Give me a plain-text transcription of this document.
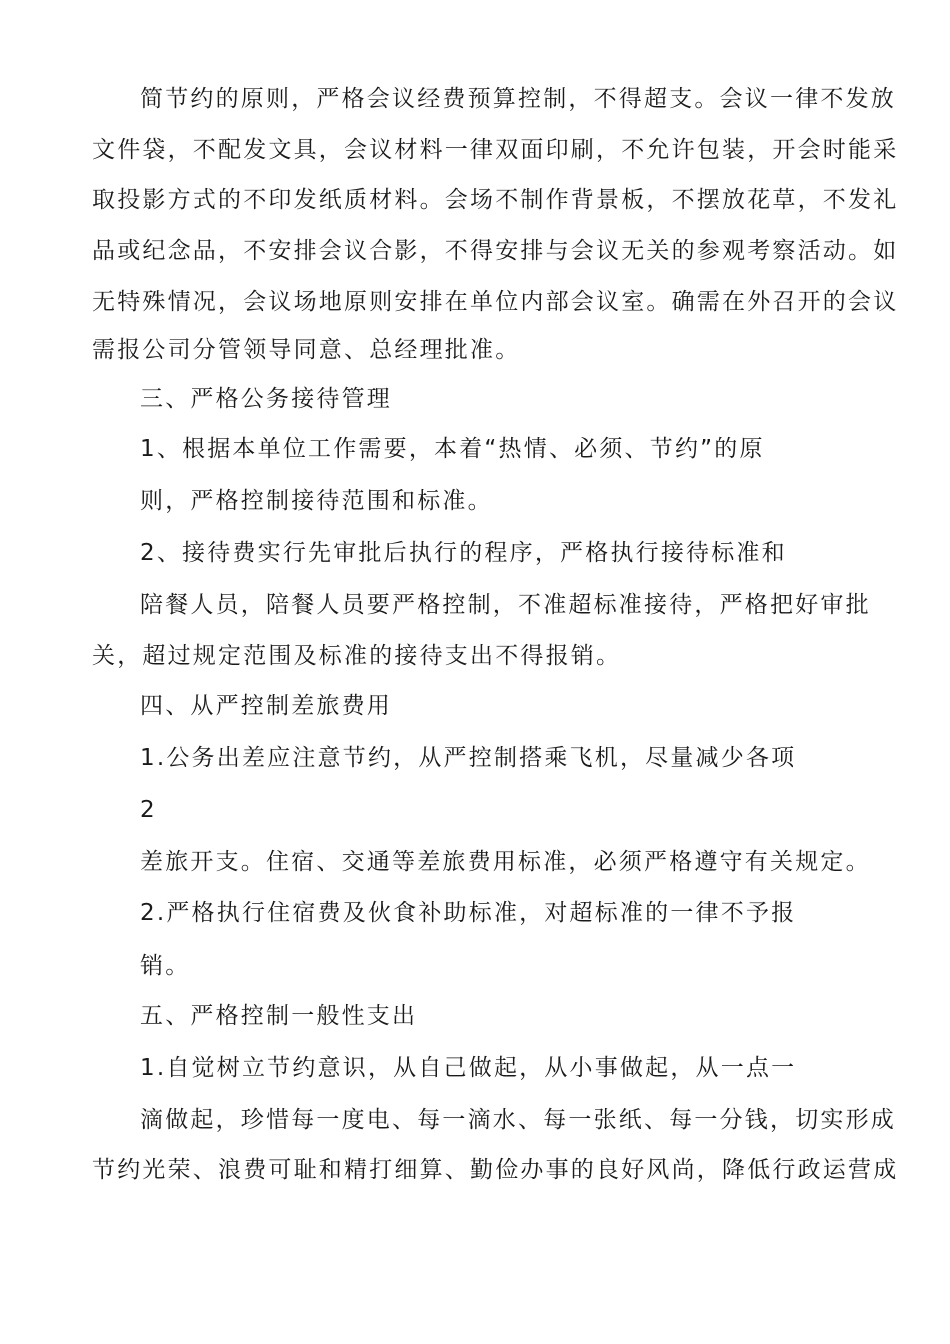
简节约的原则，严格会议经费预算控制，不得超支。会议一律不发放
文件袋，不配发文具，会议材料一律双面印刷，不允许包装，开会时能采
取投影方式的不印发纸质材料。会场不制作背景板，不摆放花草，不发礼
品或纪念品，不安排会议合影，不得安排与会议无关的参观考察活动。如
无特殊情况，会议场地原则安排在单位内部会议室。确需在外召开的会议
需报公司分管领导同意、总经理批准。
三、严格公务接待管理
1、根据本单位工作需要，本着“热情、必须、节约”的原
则，严格控制接待范围和标准。
2、接待费实行先审批后执行的程序，严格执行接待标准和
陪餐人员，陪餐人员要严格控制，不准超标准接待，严格把好审批
关，超过规定范围及标准的接待支出不得报销。
四、从严控制差旅费用
1.公务出差应注意节约，从严控制搭乘飞机，尽量减少各项
2
差旅开支。住宿、交通等差旅费用标准，必须严格遵守有关规定。
2.严格执行住宿费及伙食补助标准，对超标准的一律不予报
销。
五、严格控制一般性支出
1.自觉树立节约意识，从自己做起，从小事做起，从一点一
滴做起，珍惜每一度电、每一滴水、每一张纸、每一分钱，切实形成
节约光荣、浪费可耻和精打细算、勤俭办事的良好风尚，降低行政运营成
